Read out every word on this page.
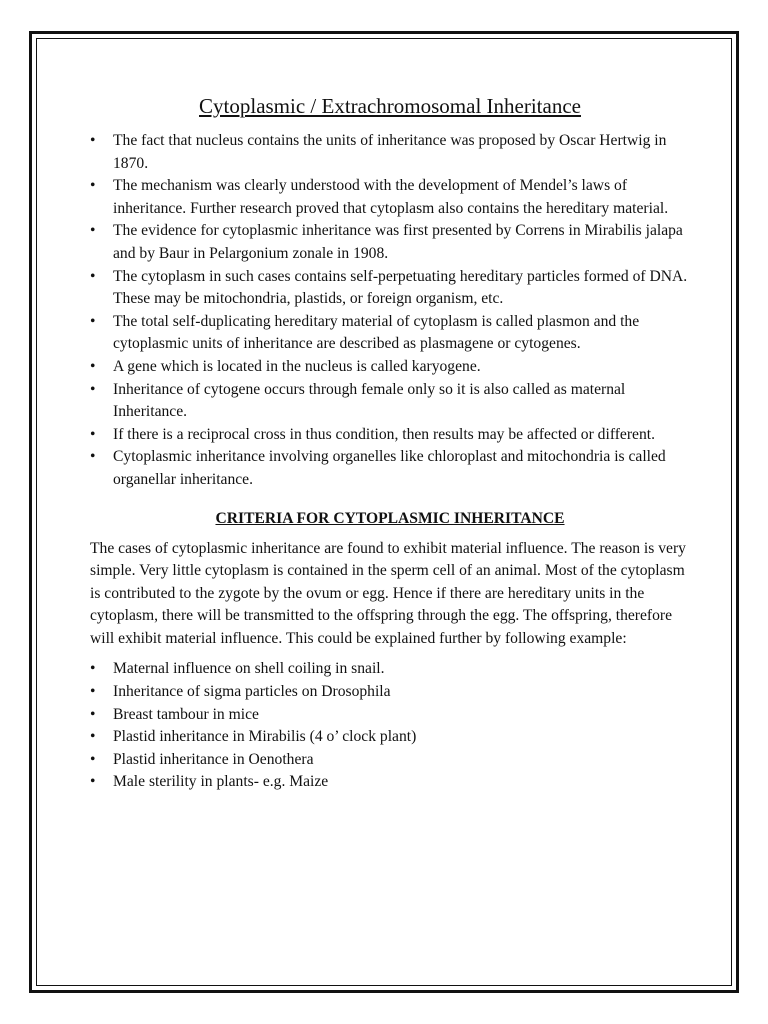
Cytoplasmic / Extrachromosomal Inheritance
• The fact that nucleus contains the units of inheritance was proposed by Oscar Hertwig in 1870.
• The mechanism was clearly understood with the development of Mendel’s laws of inheritance. Further research proved that cytoplasm also contains the hereditary material.
• The evidence for cytoplasmic inheritance was first presented by Correns in Mirabilis jalapa and by Baur in Pelargonium zonale in 1908.
• The cytoplasm in such cases contains self-perpetuating hereditary particles formed of DNA. These may be mitochondria, plastids, or foreign organism, etc.
• The total self-duplicating hereditary material of cytoplasm is called plasmon and the cytoplasmic units of inheritance are described as plasmagene or cytogenes.
• A gene which is located in the nucleus is called karyogene.
• Inheritance of cytogene occurs through female only so it is also called as maternal Inheritance.
• If there is a reciprocal cross in thus condition, then results may be affected or different.
• Cytoplasmic inheritance involving organelles like chloroplast and mitochondria is called organellar inheritance.
CRITERIA FOR CYTOPLASMIC INHERITANCE

The cases of cytoplasmic inheritance are found to exhibit material influence. The reason is very simple. Very little cytoplasm is contained in the sperm cell of an animal. Most of the cytoplasm is contributed to the zygote by the ovum or egg. Hence if there are hereditary units in the cytoplasm, there will be transmitted to the offspring through the egg. The offspring, therefore will exhibit material influence. This could be explained further by following example:

• Maternal influence on shell coiling in snail.
• Inheritance of sigma particles on Drosophila
• Breast tambour in mice
• Plastid inheritance in Mirabilis (4 o’ clock plant)
• Plastid inheritance in Oenothera
• Male sterility in plants- e.g. Maize
